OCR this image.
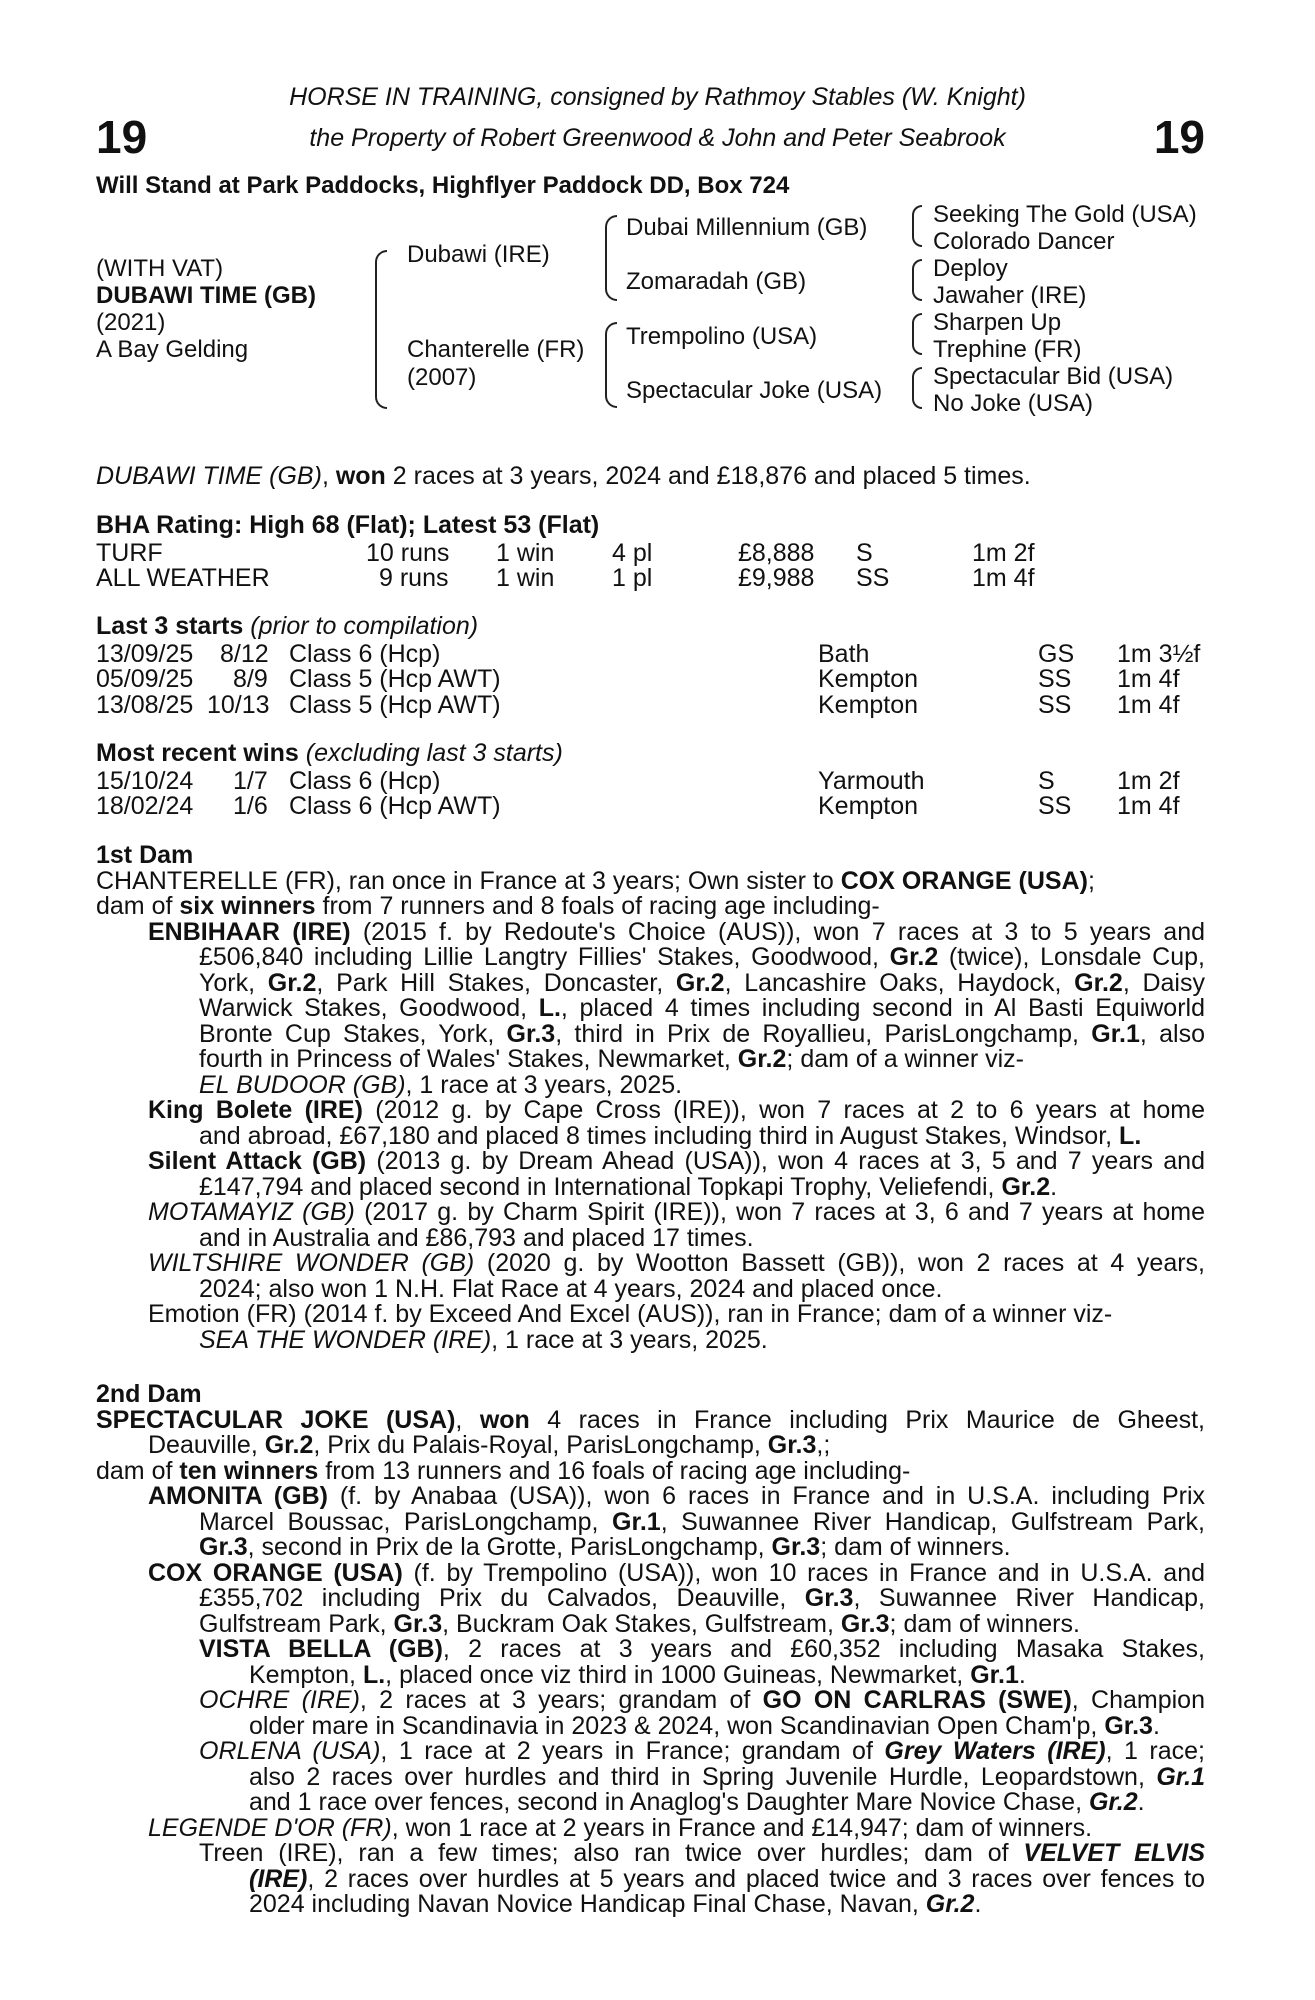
19	19
HORSE IN TRAINING, consigned by Rathmoy Stables (W. Knight)
the Property of Robert Greenwood & John and Peter Seabrook
Will Stand at Park Paddocks, Highflyer Paddock DD, Box 724
(WITH VAT)
DUBAWI TIME (GB)
(2021)
A Bay Gelding
Dubawi (IRE)
Chanterelle (FR)
(2007)
Dubai Millennium (GB)
Zomaradah (GB)
Trempolino (USA)
Spectacular Joke (USA)
Seeking The Gold (USA)
Colorado Dancer
Deploy
Jawaher (IRE)
Sharpen Up
Trephine (FR)
Spectacular Bid (USA)
No Joke (USA)
DUBAWI TIME (GB), won 2 races at 3 years, 2024 and £18,876 and placed 5 times.
BHA Rating: High 68 (Flat); Latest 53 (Flat)
TURF	10 runs 1 win 4 pl	£8,888 S	1m 2f
ALL WEATHER	9 runs 1 win 1 pl	£9,988 SS	1m 4f
Last 3 starts (prior to compilation)
13/09/25 8/12 Class 6 (Hcp)	Bath	GS 1m 3½f
05/09/25 8/9 Class 5 (Hcp AWT)	Kempton	SS 1m 4f
13/08/25 10/13 Class 5 (Hcp AWT)	Kempton	SS 1m 4f
Most recent wins (excluding last 3 starts)
15/10/24 1/7 Class 6 (Hcp)	Yarmouth	S 1m 2f
18/02/24 1/6 Class 6 (Hcp AWT)	Kempton	SS 1m 4f
1st Dam
CHANTERELLE (FR), ran once in France at 3 years; Own sister to COX ORANGE (USA);
dam of six winners from 7 runners and 8 foals of racing age including-
ENBIHAAR (IRE) (2015 f. by Redoute's Choice (AUS)), won 7 races at 3 to 5 years and
£506,840 including Lillie Langtry Fillies' Stakes, Goodwood, Gr.2 (twice), Lonsdale Cup,
York, Gr.2, Park Hill Stakes, Doncaster, Gr.2, Lancashire Oaks, Haydock, Gr.2, Daisy
Warwick Stakes, Goodwood, L., placed 4 times including second in Al Basti Equiworld
Bronte Cup Stakes, York, Gr.3, third in Prix de Royallieu, ParisLongchamp, Gr.1, also
fourth in Princess of Wales' Stakes, Newmarket, Gr.2; dam of a winner viz-
EL BUDOOR (GB), 1 race at 3 years, 2025.
King Bolete (IRE) (2012 g. by Cape Cross (IRE)), won 7 races at 2 to 6 years at home
and abroad, £67,180 and placed 8 times including third in August Stakes, Windsor, L.
Silent Attack (GB) (2013 g. by Dream Ahead (USA)), won 4 races at 3, 5 and 7 years and
£147,794 and placed second in International Topkapi Trophy, Veliefendi, Gr.2.
MOTAMAYIZ (GB) (2017 g. by Charm Spirit (IRE)), won 7 races at 3, 6 and 7 years at home
and in Australia and £86,793 and placed 17 times.
WILTSHIRE WONDER (GB) (2020 g. by Wootton Bassett (GB)), won 2 races at 4 years,
2024; also won 1 N.H. Flat Race at 4 years, 2024 and placed once.
Emotion (FR) (2014 f. by Exceed And Excel (AUS)), ran in France; dam of a winner viz-
SEA THE WONDER (IRE), 1 race at 3 years, 2025.
2nd Dam
SPECTACULAR JOKE (USA), won 4 races in France including Prix Maurice de Gheest,
Deauville, Gr.2, Prix du Palais-Royal, ParisLongchamp, Gr.3,;
dam of ten winners from 13 runners and 16 foals of racing age including-
AMONITA (GB) (f. by Anabaa (USA)), won 6 races in France and in U.S.A. including Prix
Marcel Boussac, ParisLongchamp, Gr.1, Suwannee River Handicap, Gulfstream Park,
Gr.3, second in Prix de la Grotte, ParisLongchamp, Gr.3; dam of winners.
COX ORANGE (USA) (f. by Trempolino (USA)), won 10 races in France and in U.S.A. and
£355,702 including Prix du Calvados, Deauville, Gr.3, Suwannee River Handicap,
Gulfstream Park, Gr.3, Buckram Oak Stakes, Gulfstream, Gr.3; dam of winners.
VISTA BELLA (GB), 2 races at 3 years and £60,352 including Masaka Stakes,
Kempton, L., placed once viz third in 1000 Guineas, Newmarket, Gr.1.
OCHRE (IRE), 2 races at 3 years; grandam of GO ON CARLRAS (SWE), Champion
older mare in Scandinavia in 2023 & 2024, won Scandinavian Open Cham'p, Gr.3.
ORLENA (USA), 1 race at 2 years in France; grandam of Grey Waters (IRE), 1 race;
also 2 races over hurdles and third in Spring Juvenile Hurdle, Leopardstown, Gr.1
and 1 race over fences, second in Anaglog's Daughter Mare Novice Chase, Gr.2.
LEGENDE D'OR (FR), won 1 race at 2 years in France and £14,947; dam of winners.
Treen (IRE), ran a few times; also ran twice over hurdles; dam of VELVET ELVIS
(IRE), 2 races over hurdles at 5 years and placed twice and 3 races over fences to
2024 including Navan Novice Handicap Final Chase, Navan, Gr.2.
